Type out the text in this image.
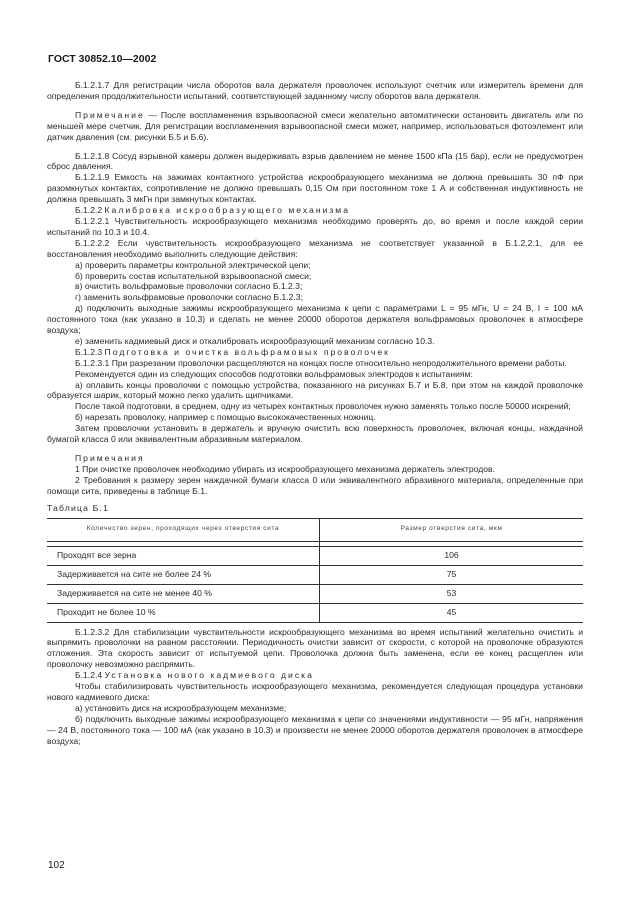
ГОСТ 30852.10—2002

Б.1.2.1.7 Для регистрации числа оборотов вала держателя проволочек используют счетчик или измеритель времени для определения продолжительности испытаний, соответствующей заданному числу оборотов вала держателя.

Примечание — После воспламенения взрывоопасной смеси желательно автоматически остановить двигатель или по меньшей мере счетчик. Для регистрации воспламенения взрывоопасной смеси может, например, использоваться фотоэлемент или датчик давления (см. рисунки Б.5 и Б.6).

Б.1.2.1.8 Сосуд взрывной камеры должен выдерживать взрыв давлением не менее 1500 кПа (15 бар), если не предусмотрен сброс давления.

Б.1.2.1.9 Емкость на зажимах контактного устройства искрообразующего механизма не должна превышать 30 пФ при разомкнутых контактах, сопротивление не должно превышать 0,15 Ом при постоянном токе 1 А и собственная индуктивность не должна превышать 3 мкГн при замкнутых контактах.

Б.1.2.2 Калибровка искрообразующего механизма

Б.1.2.2.1 Чувствительность искрообразующего механизма необходимо проверять до, во время и после каждой серии испытаний по 10.3 и 10.4.

Б.1.2.2.2 Если чувствительность искрообразующего механизма не соответствует указанной в Б.1.2.2.1, для ее восстановления необходимо выполнить следующие действия:

а) проверить параметры контрольной электрической цепи;

б) проверить состав испытательной взрывоопасной смеси;

в) очистить вольфрамовые проволочки согласно Б.1.2.3;

г) заменить вольфрамовые проволочки согласно Б.1.2.3;

д) подключить выходные зажимы искрообразующего механизма к цепи с параметрами L = 95 мГн, U = 24 В, I = 100 мА постоянного тока (как указано в 10.3) и сделать не менее 20000 оборотов держателя вольфрамовых проволочек в атмосфере воздуха;

е) заменить кадмиевый диск и откалибровать искрообразующий механизм согласно 10.3.

Б.1.2.3 Подготовка и очистка вольфрамовых проволочек

Б.1.2.3.1 При разрезании проволочки расщепляются на концах после относительно непродолжительного времени работы.

Рекомендуется один из следующих способов подготовки вольфрамовых электродов к испытаниям:

а) оплавить концы проволочки с помощью устройства, показанного на рисунках Б.7 и Б.8, при этом на каждой проволочке образуется шарик, который можно легко удалить щипчиками.

После такой подготовки, в среднем, одну из четырех контактных проволочек нужно заменять только после 50000 искрений;

б) нарезать проволоку, например с помощью высококачественных ножниц.

Затем проволочки установить в держатель и вручную очистить всю поверхность проволочек, включая концы, наждачной бумагой класса 0 или эквивалентным абразивным материалом.

Примечания

1 При очистке проволочек необходимо убирать из искрообразующего механизма держатель электродов.

2 Требования к размеру зерен наждачной бумаги класса 0 или эквивалентного абразивного материала, определенные при помощи сита, приведены в таблице Б.1.

Таблица Б.1

Количество зерен, проходящих через отверстия сита	Размер отверстия сита, мкм

Проходят все зерна	106
Задерживается на сите не более 24 %	75
Задерживается на сите не менее 40 %	53
Проходит не более 10 %	45

Б.1.2.3.2 Для стабилизации чувствительности искрообразующего механизма во время испытаний желательно очистить и выпрямить проволочки на равном расстоянии. Периодичность очистки зависит от скорости, с которой на проволочке образуются отложения. Эта скорость зависит от испытуемой цепи. Проволочка должна быть заменена, если ее конец расщеплен или проволочку невозможно распрямить.

Б.1.2.4 Установка нового кадмиевого диска

Чтобы стабилизировать чувствительность искрообразующего механизма, рекомендуется следующая процедура установки нового кадмиевого диска:

а) установить диск на искрообразующем механизме;

б) подключить выходные зажимы искрообразующего механизма к цепи со значениями индуктивности — 95 мГн, напряжения — 24 В, постоянного тока — 100 мА (как указано в 10.3) и произвести не менее 20000 оборотов держателя проволочек в атмосфере воздуха;

102
